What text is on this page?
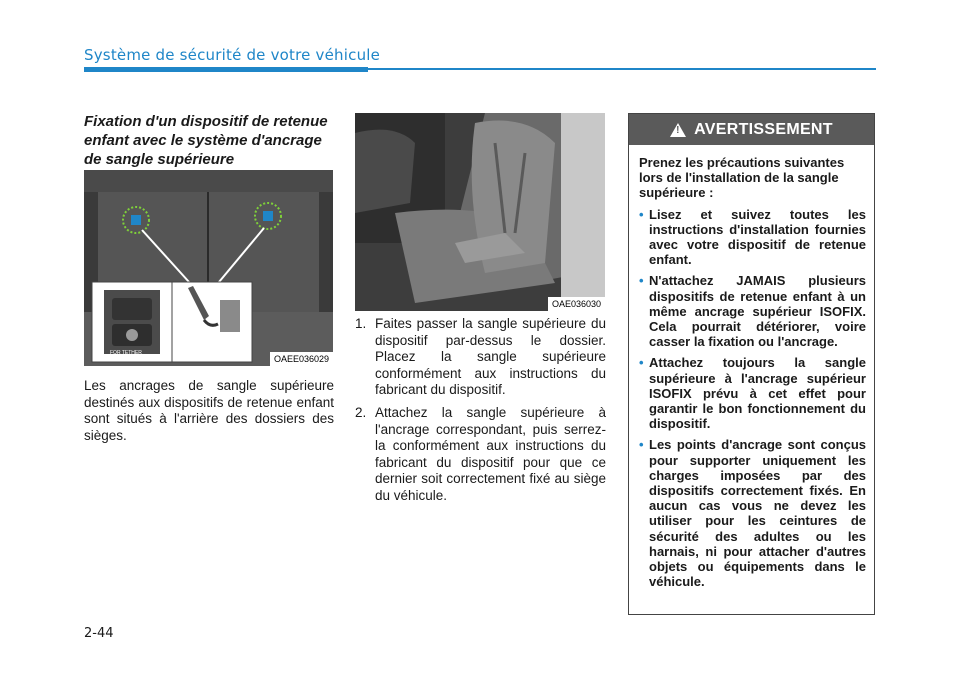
Système de sécurité de votre véhicule
Fixation d'un dispositif de retenue enfant avec le système d'ancrage de sangle supérieure
FOR TETHER
OAEE036029
Les ancrages de sangle supérieure destinés aux dispositifs de retenue enfant sont situés à l'arrière des dossiers des sièges.
OAE036030
1. Faites passer la sangle supérieure du dispositif par-dessus le dossier. Placez la sangle supérieure conformément aux instructions du fabricant du dispositif.
2. Attachez la sangle supérieure à l'ancrage correspondant, puis serrez-la conformément aux instructions du fabricant du dispositif pour que ce dernier soit correctement fixé au siège du véhicule.
!
AVERTISSEMENT
Prenez les précautions suivantes lors de l'installation de la sangle supérieure :
• Lisez et suivez toutes les instructions d'installation fournies avec votre dispositif de retenue enfant.
• N'attachez JAMAIS plusieurs dispositifs de retenue enfant à un même ancrage supérieur ISOFIX. Cela pourrait détériorer, voire casser la fixation ou l'ancrage.
• Attachez toujours la sangle supérieure à l'ancrage supérieur ISOFIX prévu à cet effet pour garantir le bon fonctionnement du dispositif.
• Les points d'ancrage sont conçus pour supporter uniquement les charges imposées par des dispositifs correctement fixés. En aucun cas vous ne devez les utiliser pour les ceintures de sécurité des adultes ou les harnais, ni pour attacher d'autres objets ou équipements dans le véhicule.
2-44
